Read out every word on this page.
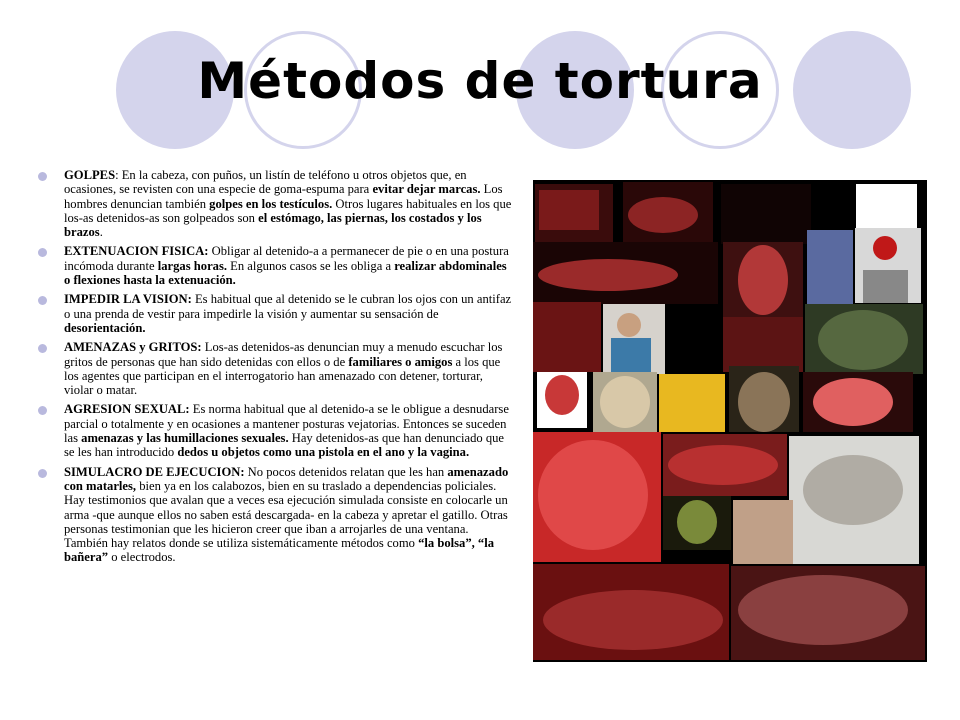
Métodos de tortura
GOLPES: En la cabeza, con puños, un listín de teléfono u otros objetos que, en ocasiones, se revisten con una especie de goma-espuma para evitar dejar marcas. Los hombres denuncian también golpes en los testículos. Otros lugares habituales en los que los-as detenidos-as son golpeados son el estómago, las piernas, los costados y los brazos.
EXTENUACION FISICA: Obligar al detenido-a a permanecer de pie o en una postura incómoda durante largas horas. En algunos casos se les obliga a realizar abdominales o flexiones hasta la extenuación.
IMPEDIR LA VISION: Es habitual que al detenido se le cubran los ojos con un antifaz o una prenda de vestir para impedirle la visión y aumentar su sensación de desorientación.
AMENAZAS y GRITOS: Los-as detenidos-as denuncian muy a menudo escuchar los gritos de personas que han sido detenidas con ellos o de familiares o amigos a los que los agentes que participan en el interrogatorio han amenazado con detener, torturar, violar o matar.
AGRESION SEXUAL: Es norma habitual que al detenido-a se le obligue a desnudarse parcial o totalmente y en ocasiones a mantener posturas vejatorias. Entonces se suceden las amenazas y las humillaciones sexuales. Hay detenidos-as que han denunciado que se les han introducido dedos u objetos como una pistola en el ano y la vagina.
SIMULACRO DE EJECUCION: No pocos detenidos relatan que les han amenazado con matarles, bien ya en los calabozos, bien en su traslado a dependencias policiales. Hay testimonios que avalan que a veces esa ejecución simulada consiste en colocarle un arma -que aunque ellos no saben está descargada- en la cabeza y apretar el gatillo. Otras personas testimonian que les hicieron creer que iban a arrojarles de una ventana. También hay relatos donde se utiliza sistemáticamente métodos como “la bolsa”, “la bañera” o electrodos.
